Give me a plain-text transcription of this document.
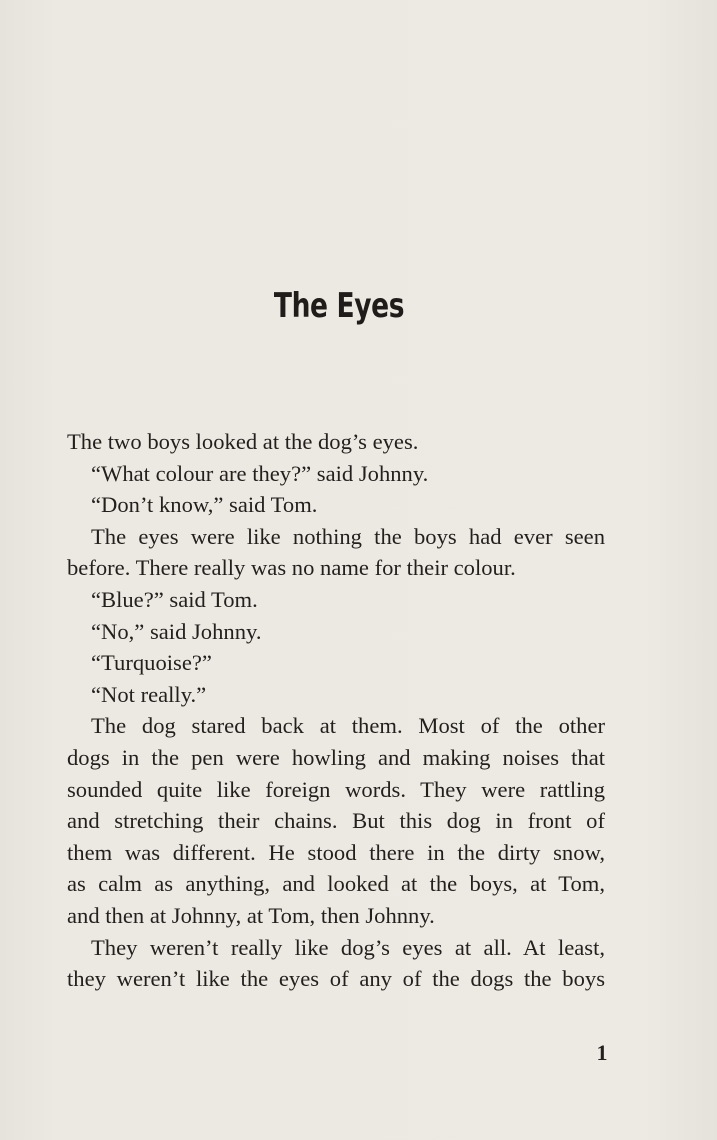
The Eyes
The two boys looked at the dog’s eyes.
“What colour are they?” said Johnny.
“Don’t know,” said Tom.
The eyes were like nothing the boys had ever seen
before. There really was no name for their colour.
“Blue?” said Tom.
“No,” said Johnny.
“Turquoise?”
“Not really.”
The dog stared back at them. Most of the other
dogs in the pen were howling and making noises that
sounded quite like foreign words. They were rattling
and stretching their chains. But this dog in front of
them was different. He stood there in the dirty snow,
as calm as anything, and looked at the boys, at Tom,
and then at Johnny, at Tom, then Johnny.
They weren’t really like dog’s eyes at all. At least,
they weren’t like the eyes of any of the dogs the boys
1
